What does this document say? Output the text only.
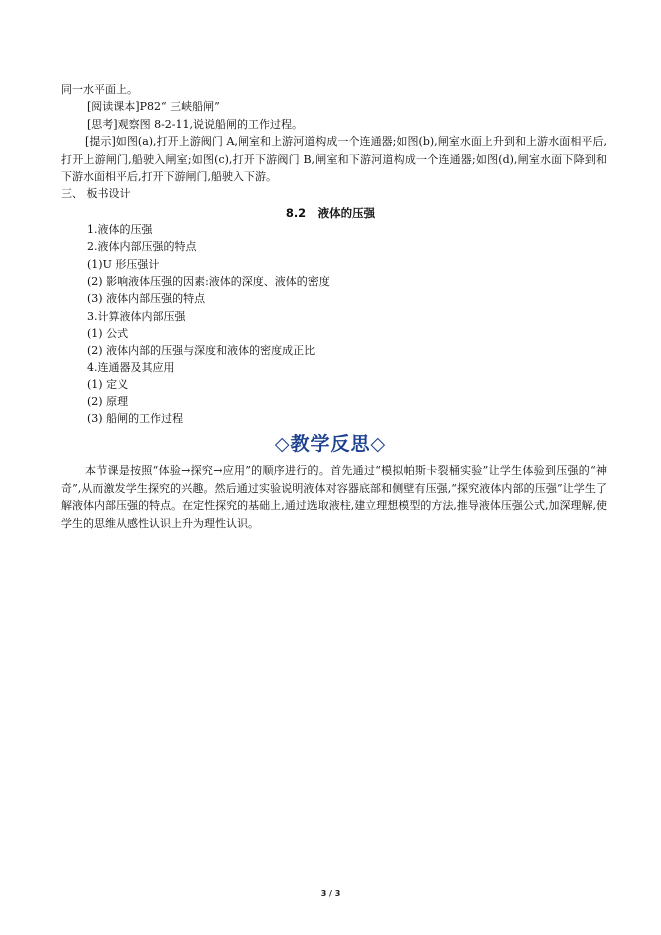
同一水平面上。
[阅读课本]P82“ 三峡船闸”
[思考]观察图 8-2-11,说说船闸的工作过程。
[提示]如图(a),打开上游阀门 A,闸室和上游河道构成一个连通器;如图(b),闸室水面上升到和上游水面相平后,打开上游闸门,船驶入闸室;如图(c),打开下游阀门 B,闸室和下游河道构成一个连通器;如图(d),闸室水面下降到和下游水面相平后,打开下游闸门,船驶入下游。
三、 板书设计
8.2　液体的压强
1.液体的压强
2.液体内部压强的特点
(1)U 形压强计
(2) 影响液体压强的因素:液体的深度、液体的密度
(3) 液体内部压强的特点
3.计算液体内部压强
(1) 公式
(2) 液体内部的压强与深度和液体的密度成正比
4.连通器及其应用
(1) 定义
(2) 原理
(3) 船闸的工作过程
◇教学反思◇
本节课是按照“体验→探究→应用”的顺序进行的。首先通过“模拟帕斯卡裂桶实验”让学生体验到压强的“神奇”,从而激发学生探究的兴趣。然后通过实验说明液体对容器底部和侧壁有压强,“探究液体内部的压强”让学生了解液体内部压强的特点。在定性探究的基础上,通过选取液柱,建立理想模型的方法,推导液体压强公式,加深理解,使学生的思维从感性认识上升为理性认识。
3 / 3
